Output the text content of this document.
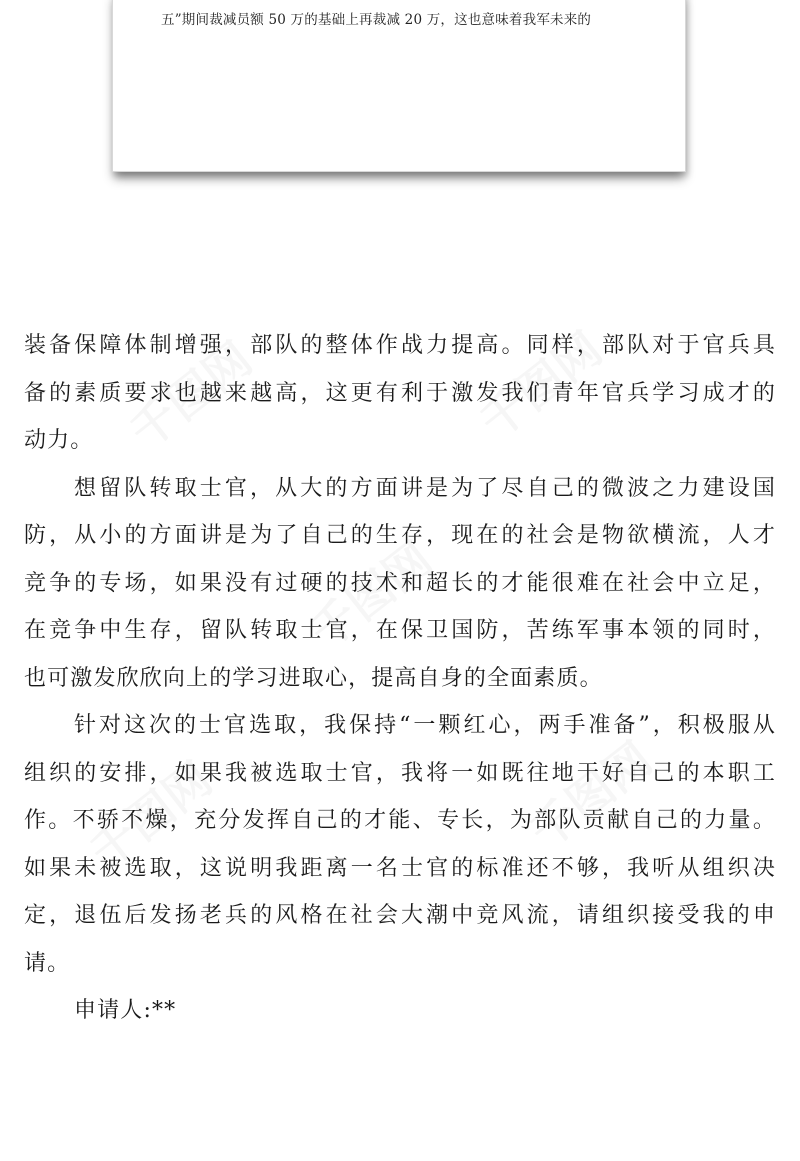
五”期间裁减员额 50 万的基础上再裁减 20 万，这也意味着我军未来的
千图网	千图网
千图网
千图网	千图网
装备保障体制增强，部队的整体作战力提高。同样，部队对于官兵具
备的素质要求也越来越高，这更有利于激发我们青年官兵学习成才的
动力。
想留队转取士官，从大的方面讲是为了尽自己的微波之力建设国
防，从小的方面讲是为了自己的生存，现在的社会是物欲横流，人才
竞争的专场，如果没有过硬的技术和超长的才能很难在社会中立足，
在竞争中生存，留队转取士官，在保卫国防，苦练军事本领的同时，
也可激发欣欣向上的学习进取心，提高自身的全面素质。
针对这次的士官选取，我保持“一颗红心，两手准备”，积极服从
组织的安排，如果我被选取士官，我将一如既往地干好自己的本职工
作。不骄不燥，充分发挥自己的才能、专长，为部队贡献自己的力量。
如果未被选取，这说明我距离一名士官的标准还不够，我听从组织决
定，退伍后发扬老兵的风格在社会大潮中竞风流，请组织接受我的申
请。
申请人:**
